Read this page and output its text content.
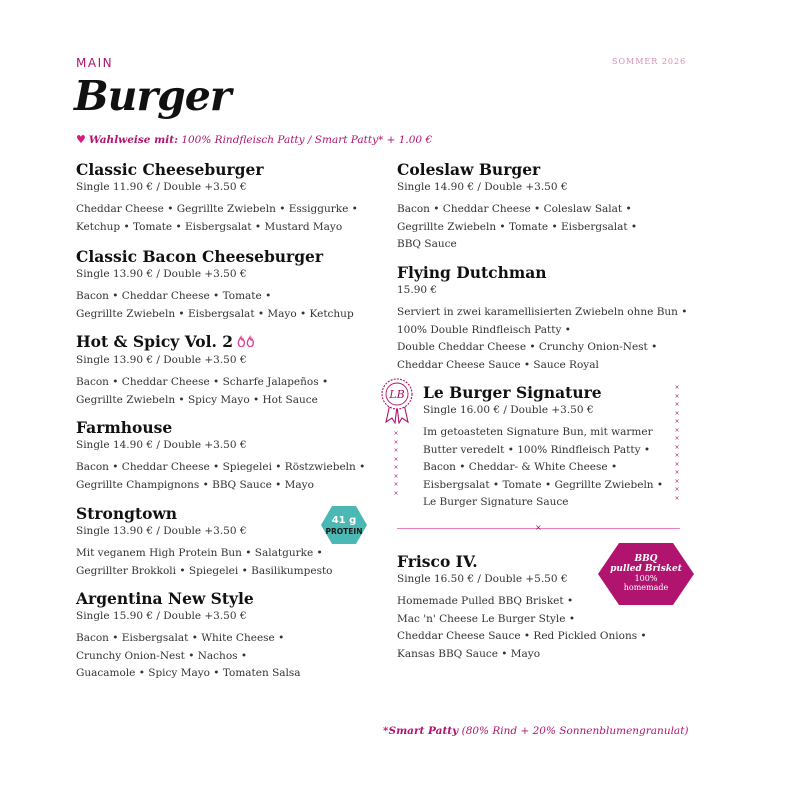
MAIN	SOMMER 2026
Burger
♥ Wahlweise mit: 100% Rindfleisch Patty / Smart Patty* + 1.00 €
Classic Cheeseburger
Single 11.90 € / Double +3.50 €
Cheddar Cheese • Gegrillte Zwiebeln • Essiggurke •
Ketchup • Tomate • Eisbergsalat • Mustard Mayo
Classic Bacon Cheeseburger
Single 13.90 € / Double +3.50 €
Bacon • Cheddar Cheese • Tomate •
Gegrillte Zwiebeln • Eisbergsalat • Mayo • Ketchup
Hot & Spicy Vol. 2
Single 13.90 € / Double +3.50 €
Bacon • Cheddar Cheese • Scharfe Jalapeños •
Gegrillte Zwiebeln • Spicy Mayo • Hot Sauce
Farmhouse
Single 14.90 € / Double +3.50 €
Bacon • Cheddar Cheese • Spiegelei • Röstzwiebeln •
Gegrillte Champignons • BBQ Sauce • Mayo
Strongtown
Single 13.90 € / Double +3.50 €
Mit veganem High Protein Bun • Salatgurke •
Gegrillter Brokkoli • Spiegelei • Basilikumpesto
Argentina New Style
Single 15.90 € / Double +3.50 €
Bacon • Eisbergsalat • White Cheese •
Crunchy Onion-Nest • Nachos •
Guacamole • Spicy Mayo • Tomaten Salsa
41 g
PROTEIN
Coleslaw Burger
Single 14.90 € / Double +3.50 €
Bacon • Cheddar Cheese • Coleslaw Salat •
Gegrillte Zwiebeln • Tomate • Eisbergsalat •
BBQ Sauce
Flying Dutchman
15.90 €
Serviert in zwei karamellisierten Zwiebeln ohne Bun •
100% Double Rindfleisch Patty •
Double Cheddar Cheese • Crunchy Onion-Nest •
Cheddar Cheese Sauce • Sauce Royal
LB
×
×
×
×
×
×
×
×
×
×
×
×
×
×
×
×
×
×
×
×
×
×
Le Burger Signature
Single 16.00 € / Double +3.50 €
Im getoasteten Signature Bun, mit warmer
Butter veredelt • 100% Rindfleisch Patty •
Bacon • Cheddar- & White Cheese •
Eisbergsalat • Tomate • Gegrillte Zwiebeln •
Le Burger Signature Sauce
×
Frisco IV.
Single 16.50 € / Double +5.50 €
Homemade Pulled BBQ Brisket •
Mac 'n' Cheese Le Burger Style •
Cheddar Cheese Sauce • Red Pickled Onions •
Kansas BBQ Sauce • Mayo
BBQ
pulled Brisket
100%
homemade
*Smart Patty (80% Rind + 20% Sonnenblumengranulat)
